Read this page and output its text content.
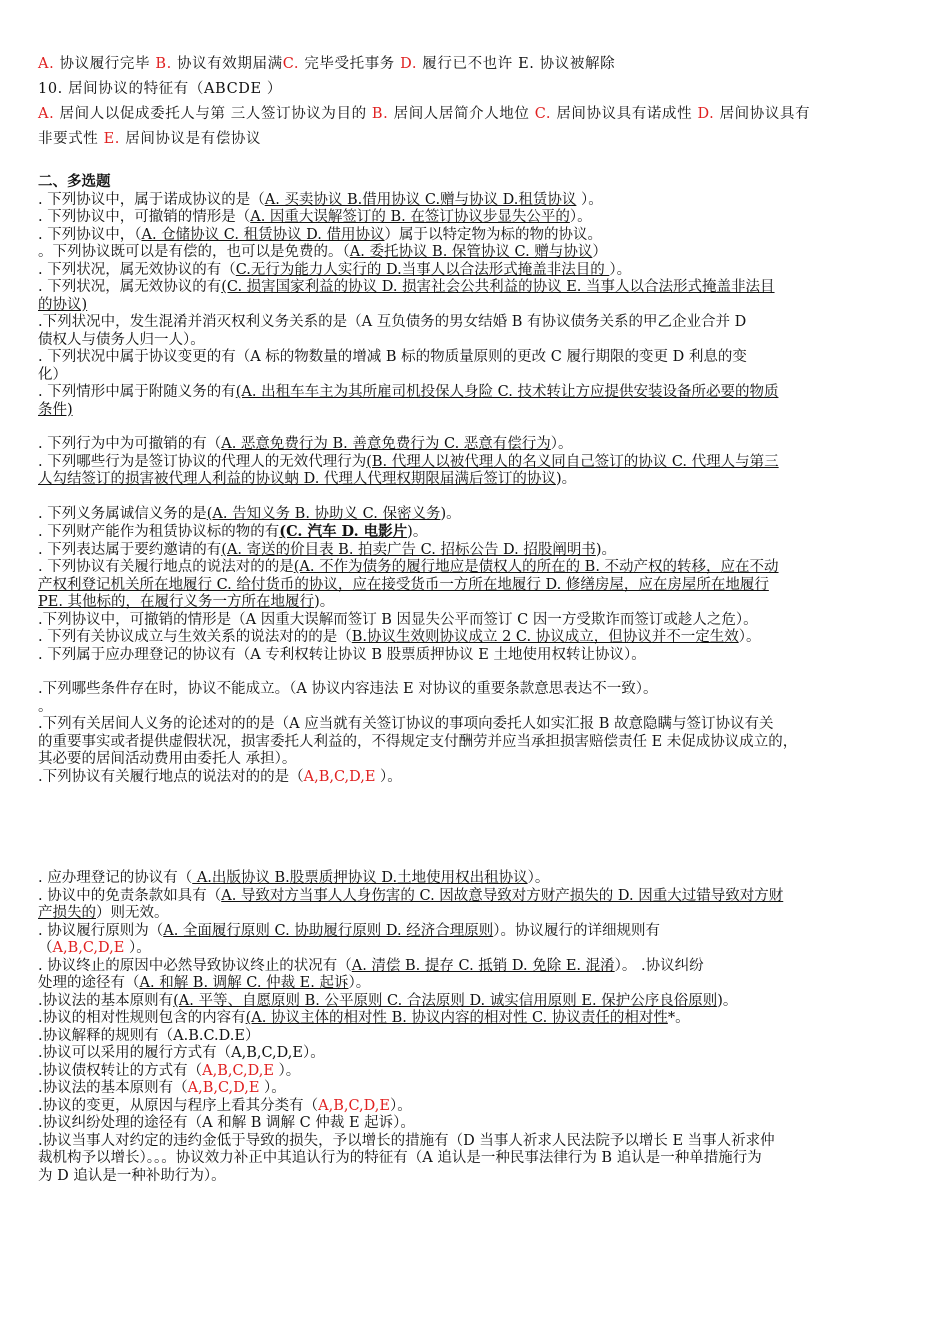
A. 协议履行完毕 B. 协议有效期届满C. 完毕受托事务 D. 履行已不也许 E. 协议被解除

10. 居间协议的特征有（ABCDE ）

A. 居间人以促成委托人与第 三人签订协议为目的 B. 居间人居简介人地位 C. 居间协议具有诺成性 D. 居间协议具有

非要式性 E. 居间协议是有偿协议

二、多选题

. 下列协议中，属于诺成协议的是（A. 买卖协议 B.借用协议 C.赠与协议 D.租赁协议 ）。

. 下列协议中，可撤销的情形是（A. 因重大误解签订的 B. 在签订协议步显失公平的）。

. 下列协议中，（A. 仓储协议 C. 租赁协议 D. 借用协议）属于以特定物为标的物的协议。

。下列协议既可以是有偿的，也可以是免费的。（A. 委托协议 B. 保管协议 C. 赠与协议）

. 下列状况，属无效协议的有（C.无行为能力人实行的 D.当事人以合法形式掩盖非法目的 ）。

. 下列状况，属无效协议的有(C. 损害国家利益的协议 D. 损害社会公共利益的协议 E. 当事人以合法形式掩盖非法目

的协议)

.下列状况中，发生混淆并消灭权利义务关系的是（A 互负债务的男女结婚 B 有协议债务关系的甲乙企业合并 D

债权人与债务人归一人）。

. 下列状况中属于协议变更的有（A 标的物数量的增减 B 标的物质量原则的更改 C 履行期限的变更 D 利息的变

化）

. 下列情形中属于附随义务的有(A. 出租车车主为其所雇司机投保人身险 C. 技术转让方应提供安装设备所必要的物质

条件)

. 下列行为中为可撤销的有（A. 恶意免费行为 B. 善意免费行为 C. 恶意有偿行为）。

. 下列哪些行为是签订协议的代理人的无效代理行为(B. 代理人以被代理人的名义同自己签订的协议 C. 代理人与第三

人勾结签订的损害被代理人利益的协议蚋 D. 代理人代理权期限届满后签订的协议)。

. 下列义务属诚信义务的是(A. 告知义务 B. 协助义 C. 保密义务)。

. 下列财产能作为租赁协议标的物的有(C. 汽车 D. 电影片)。

. 下列表达属于要约邀请的有(A. 寄送的价目表 B. 拍卖广告 C. 招标公告 D. 招股阐明书)。

. 下列协议有关履行地点的说法对的的是(A. 不作为债务的履行地应是债权人的所在的 B. 不动产权的转移，应在不动

产权利登记机关所在地履行 C. 给付货币的协议，应在接受货币一方所在地履行 D. 修缮房屋，应在房屋所在地履行

PE. 其他标的，在履行义务一方所在地履行)。

.下列协议中，可撤销的情形是（A 因重大误解而签订 B 因显失公平而签订 C 因一方受欺诈而签订或趁人之危）。

. 下列有关协议成立与生效关系的说法对的的是（B.协议生效则协议成立 2 C. 协议成立，但协议并不一定生效）。

. 下列属于应办理登记的协议有（A 专利权转让协议 B 股票质押协议 E 土地使用权转让协议）。

.下列哪些条件存在时，协议不能成立。（A 协议内容违法 E 对协议的重要条款意思表达不一致）。

。

.下列有关居间人义务的论述对的的是（A 应当就有关签订协议的事项向委托人如实汇报 B 故意隐瞒与签订协议有关

的重要事实或者提供虚假状况，损害委托人利益的，不得规定支付酬劳并应当承担损害赔偿责任 E 未促成协议成立的，

其必要的居间活动费用由委托人 承担）。

.下列协议有关履行地点的说法对的的是（A,B,C,D,E ）。

. 应办理登记的协议有（ A.出版协议 B.股票质押协议 D.土地使用权出租协议）。

. 协议中的免责条款如具有（A. 导致对方当事人人身伤害的 C. 因故意导致对方财产损失的 D. 因重大过错导致对方财

产损失的）则无效。

. 协议履行原则为（A. 全面履行原则 C. 协助履行原则 D. 经济合理原则）。协议履行的详细规则有

（A,B,C,D,E ）。

. 协议终止的原因中必然导致协议终止的状况有（A. 清偿 B. 提存 C. 抵销 D. 免除 E. 混淆）。 .协议纠纷

处理的途径有（A. 和解 B. 调解 C. 仲裁 E. 起诉）。

.协议法的基本原则有(A. 平等、自愿原则 B. 公平原则 C. 合法原则 D. 诚实信用原则 E. 保护公序良俗原则)。

.协议的相对性规则包含的内容有(A. 协议主体的相对性 B. 协议内容的相对性 C. 协议责任的相对性*。

.协议解释的规则有（A.B.C.D.E）

.协议可以采用的履行方式有（A,B,C,D,E）。

.协议债权转让的方式有（A,B,C,D,E ）。

.协议法的基本原则有（A,B,C,D,E ）。

.协议的变更，从原因与程序上看其分类有（A,B,C,D,E）。

.协议纠纷处理的途径有（A 和解 B 调解 C 仲裁 E 起诉）。

.协议当事人对约定的违约金低于导致的损失，予以增长的措施有（D 当事人祈求人民法院予以增长 E 当事人祈求仲

裁机构予以增长）。。。协议效力补正中其追认行为的特征有（A 追认是一种民事法律行为 B 追认是一种单措施行为

为 D 追认是一种补助行为）。
